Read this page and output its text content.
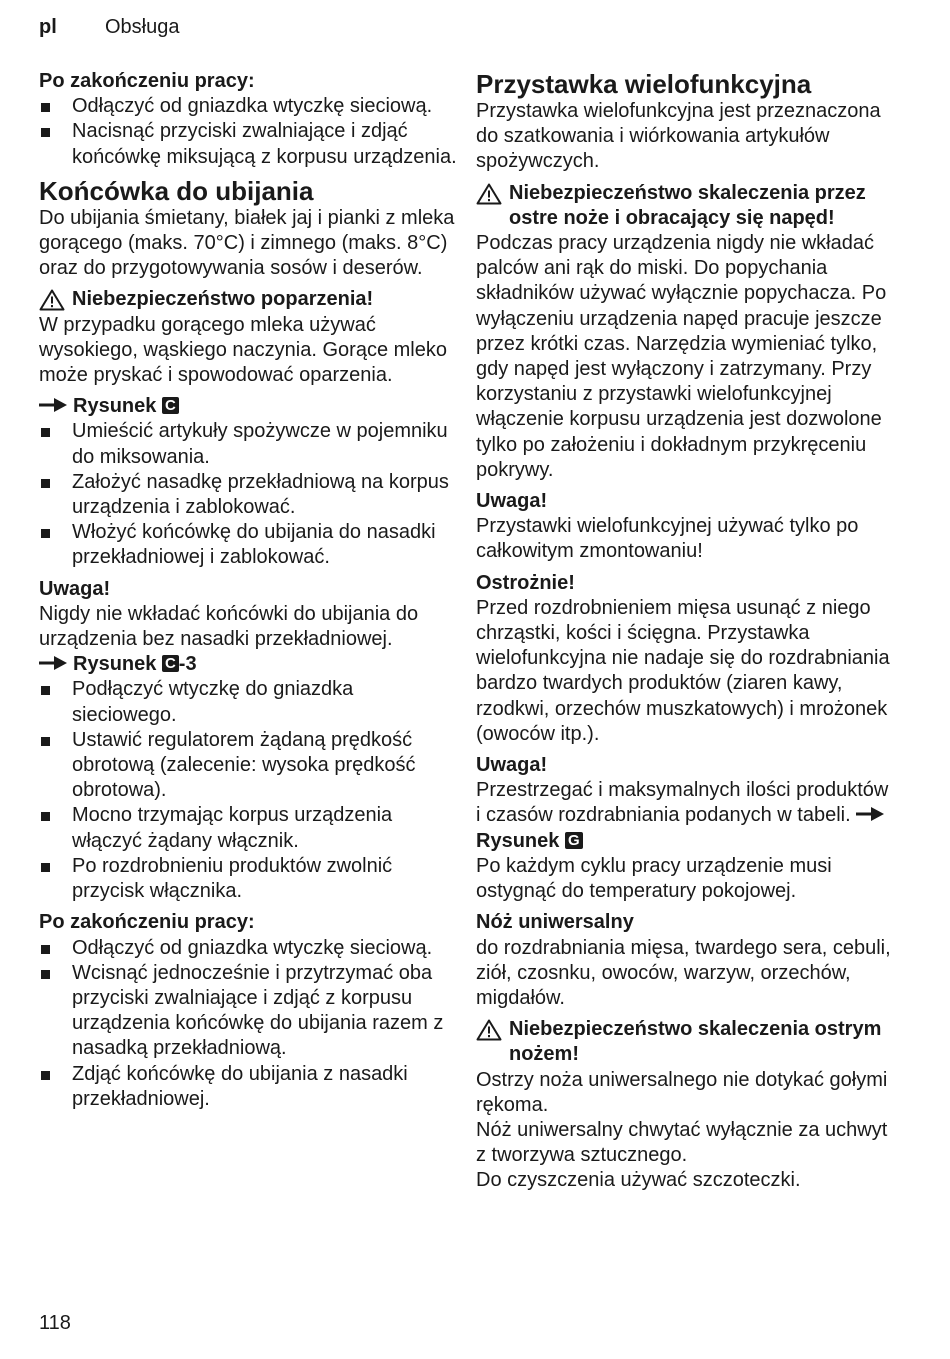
pl Obsługa
Po zakończeniu pracy:
Odłączyć od gniazdka wtyczkę sieciową.
Nacisnąć przyciski zwalniające i zdjąć końcówkę miksującą z korpusu urządzenia.
Końcówka do ubijania

Do ubijania śmietany, białek jaj i pianki z mleka gorącego (maks. 70°C) i zimnego (maks. 8°C) oraz do przygotowywania sosów i deserów.

Niebezpieczeństwo poparzenia!

W przypadku gorącego mleka używać wysokiego, wąskiego naczynia. Gorące mleko może pryskać i spowodować oparzenia.

Rysunek C
Umieścić artykuły spożywcze w pojemniku do miksowania.
Założyć nasadkę przekładniową na korpus urządzenia i zablokować.
Włożyć końcówkę do ubijania do nasadki przekładniowej i zablokować.
Uwaga!

Nigdy nie wkładać końcówki do ubijania do urządzenia bez nasadki przekładniowej.

Rysunek C -3
Podłączyć wtyczkę do gniazdka sieciowego.
Ustawić regulatorem żądaną prędkość obrotową (zalecenie: wysoka prędkość obrotowa).
Mocno trzymając korpus urządzenia włączyć żądany włącznik.
Po rozdrobnieniu produktów zwolnić przycisk włącznika.
Po zakończeniu pracy:
Odłączyć od gniazdka wtyczkę sieciową.
Wcisnąć jednocześnie i przytrzymać oba przyciski zwalniające i zdjąć z korpusu urządzenia końcówkę do ubijania razem z nasadką przekładniową.
Zdjąć końcówkę do ubijania z nasadki przekładniowej.
Przystawka wielofunkcyjna

Przystawka wielofunkcyjna jest przeznaczona do szatkowania i wiórkowania artykułów spożywczych.

Niebezpieczeństwo skaleczenia przez ostre noże i obracający się napęd!

Podczas pracy urządzenia nigdy nie wkładać palców ani rąk do miski. Do popychania składników używać wyłącznie popychacza. Po wyłączeniu urządzenia napęd pracuje jeszcze przez krótki czas. Narzędzia wymieniać tylko, gdy napęd jest wyłączony i zatrzymany. Przy korzystaniu z przystawki wielofunkcyjnej włączenie korpusu urządzenia jest dozwolone tylko po założeniu i dokładnym przykręceniu pokrywy.

Uwaga!

Przystawki wielofunkcyjnej używać tylko po całkowitym zmontowaniu!

Ostrożnie!

Przed rozdrobnieniem mięsa usunąć z niego chrząstki, kości i ścięgna. Przystawka wielofunkcyjna nie nadaje się do rozdrabniania bardzo twardych produktów (ziaren kawy, rzodkwi, orzechów muszkatowych) i mrożonek (owoców itp.).

Uwaga!

Przestrzegać i maksymalnych ilości produktów i czasów rozdrabniania podanych w tabeli. Rysunek G

Po każdym cyklu pracy urządzenie musi ostygnąć do temperatury pokojowej.

Nóż uniwersalny

do rozdrabniania mięsa, twardego sera, cebuli, ziół, czosnku, owoców, warzyw, orzechów, migdałów.

Niebezpieczeństwo skaleczenia ostrym nożem!

Ostrzy noża uniwersalnego nie dotykać gołymi rękoma.

Nóż uniwersalny chwytać wyłącznie za uchwyt z tworzywa sztucznego.

Do czyszczenia używać szczoteczki.

118
